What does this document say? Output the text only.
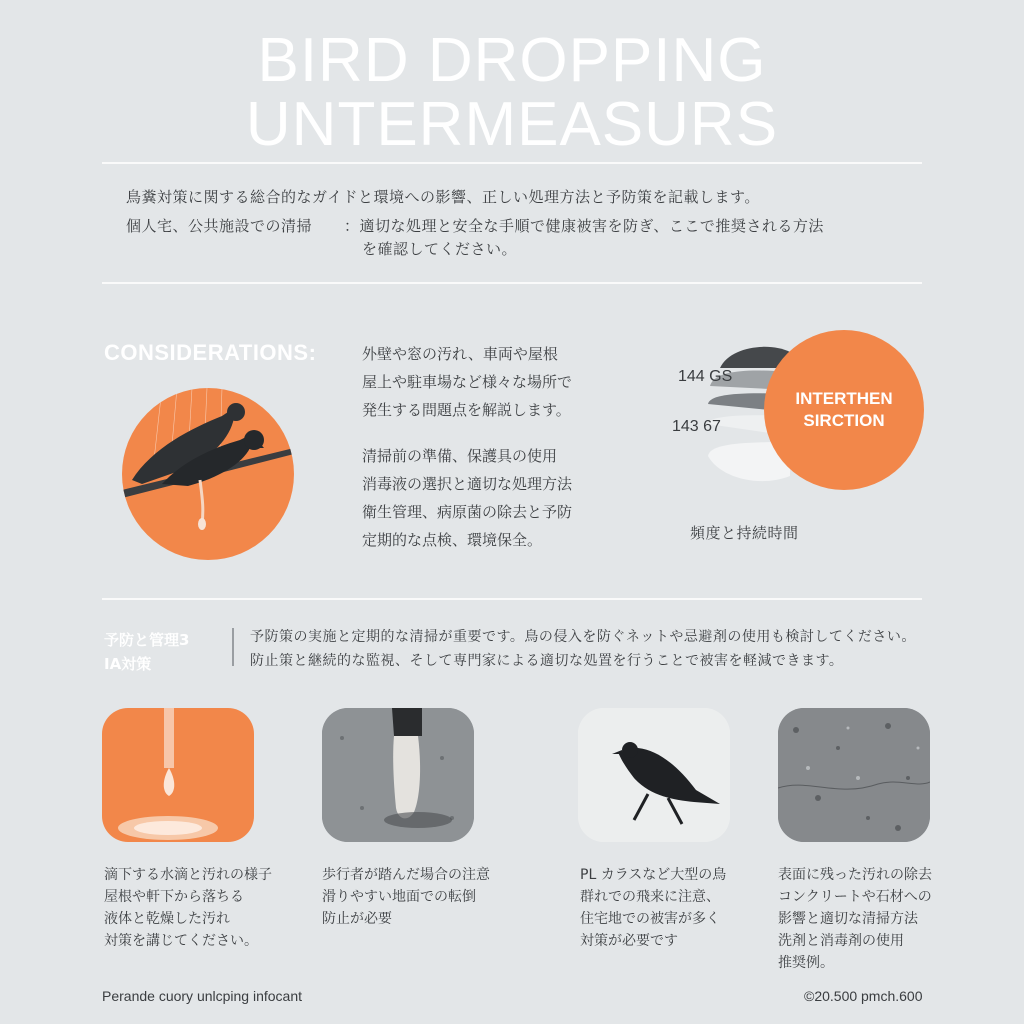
BIRD DROPPING
UNTERMEASURS
鳥糞対策に関する総合的なガイドと環境への影響、正しい処理方法と予防策を記載します。
個人宅、公共施設での清掃 ：適切な処理と安全な手順で健康被害を防ぎ、ここで推奨される方法
を確認してください。
CONSIDERATIONS:	外壁や窓の汚れ、車両や屋根
屋上や駐車場など様々な場所で
発生する問題点を解説します。
清掃前の準備、保護具の使用
消毒液の選択と適切な処理方法
衛生管理、病原菌の除去と予防
定期的な点検、環境保全。
144 GS
143 67
INTERTHEN
SIRCTION
頻度と持続時間
予防と管理3
IA対策
予防策の実施と定期的な清掃が重要です。鳥の侵入を防ぐネットや忌避剤の使用も検討してください。
防止策と継続的な監視、そして専門家による適切な処置を行うことで被害を軽減できます。
滴下する水滴と汚れの様子
屋根や軒下から落ちる
液体と乾燥した汚れ
対策を講じてください。
歩行者が踏んだ場合の注意
滑りやすい地面での転倒
防止が必要
PL カラスなど大型の鳥
群れでの飛来に注意、
住宅地での被害が多く
対策が必要です
表面に残った汚れの除去
コンクリートや石材への
影響と適切な清掃方法
洗剤と消毒剤の使用
推奨例。
Perande cuory unlcping infocant	©20.500 pmch.600
